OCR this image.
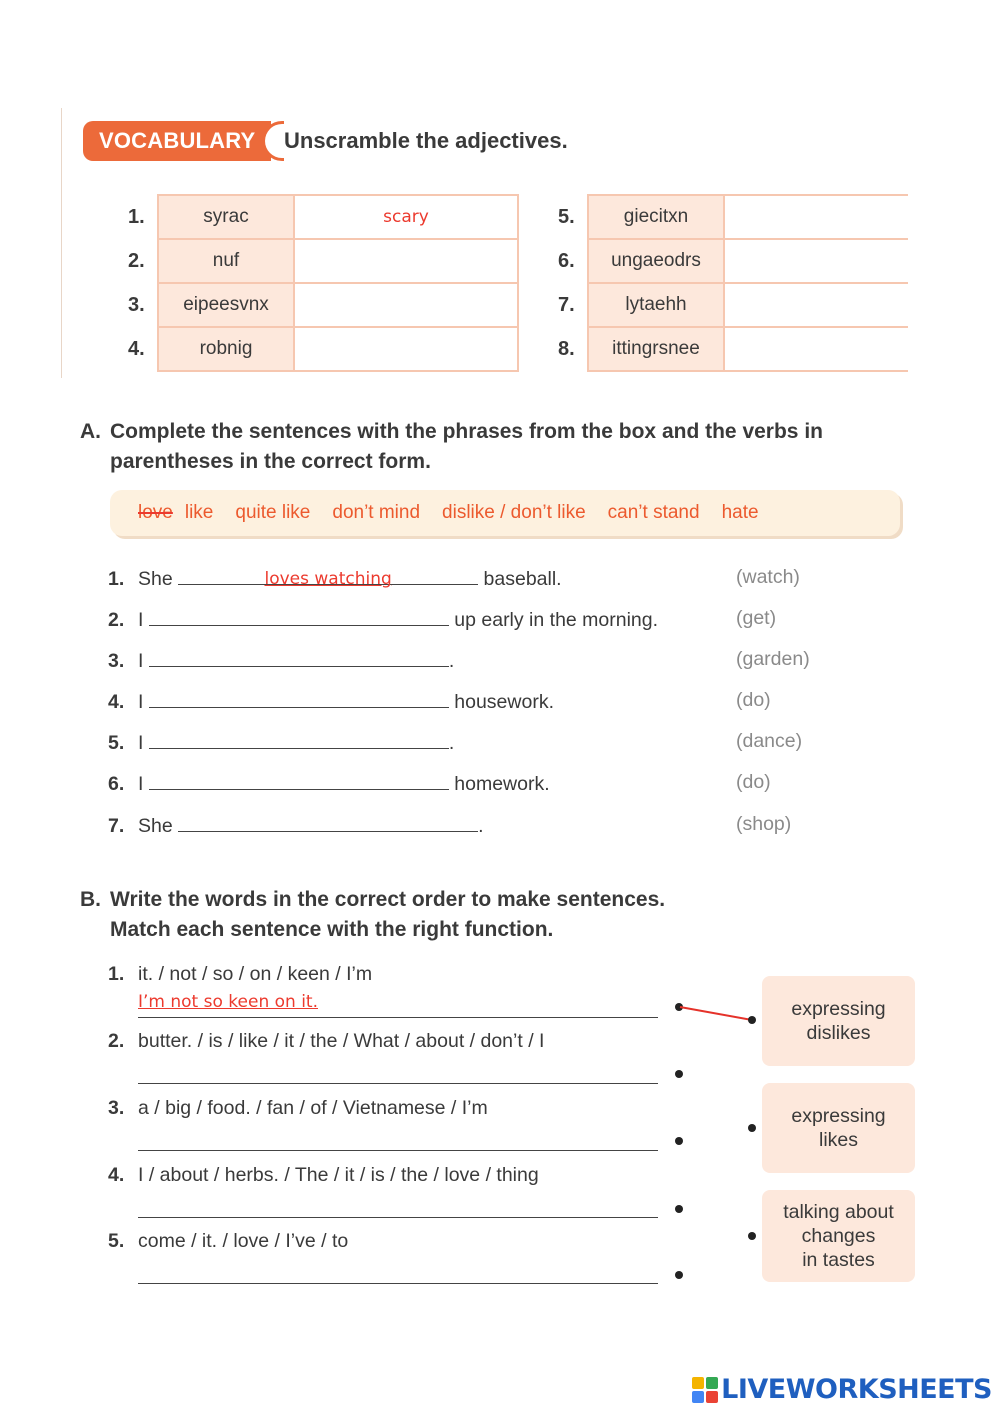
VOCABULARY	Unscramble the adjectives.
1.	syrac	scary
2.	nuf	
3.	eipeesvnx	
4.	robnig	
5.	giecitxn	
6.	ungaeodrs	
7.	lytaehh	
8.	ittingrsnee	
A. Complete the sentences with the phrases from the box and the verbs in
parentheses in the correct form.
love like quite like don’t mind dislike / don’t like can’t stand hate
1. She	loves watching	baseball.	(watch)
2. I	up early in the morning.	(get)
3. I	.	(garden)
4. I	housework.	(do)
5. I	.	(dance)
6. I	homework.	(do)
7. She	.	(shop)
B. Write the words in the correct order to make sentences.
Match each sentence with the right function.
1. it. / not / so / on / keen / I’m
I’m not so keen on it.
2. butter. / is / like / it / the / What / about / don’t / I
3. a / big / food. / fan / of / Vietnamese / I’m
4. I / about / herbs. / The / it / is / the / love / thing
5. come / it. / love / I’ve / to
expressing
dislikes
expressing
likes
talking about
changes
in tastes
LIVEWORKSHEETS
